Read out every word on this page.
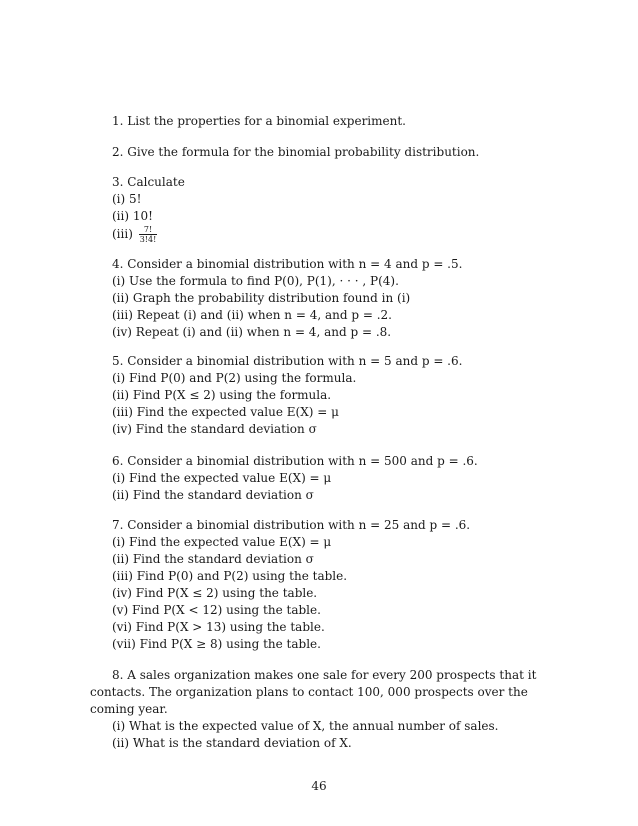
1. List the properties for a binomial experiment.
2. Give the formula for the binomial probability distribution.
3. Calculate
(i) 5!
(ii) 10!
$(iii) \frac{7!}{3!4!}$
4. Consider a binomial distribution with n = 4 and p = .5.
(i) Use the formula to find P(0), P(1), · · · , P(4).
(ii) Graph the probability distribution found in (i)
(iii) Repeat (i) and (ii) when n = 4, and p = .2.
(iv) Repeat (i) and (ii) when n = 4, and p = .8.
5. Consider a binomial distribution with n = 5 and p = .6.
(i) Find P(0) and P(2) using the formula.
(ii) Find P(X ≤ 2) using the formula.
(iii) Find the expected value E(X) = μ
(iv) Find the standard deviation σ
6. Consider a binomial distribution with n = 500 and p = .6.
(i) Find the expected value E(X) = μ
(ii) Find the standard deviation σ
7. Consider a binomial distribution with n = 25 and p = .6.
(i) Find the expected value E(X) = μ
(ii) Find the standard deviation σ
(iii) Find P(0) and P(2) using the table.
(iv) Find P(X ≤ 2) using the table.
(v) Find P(X < 12) using the table.
(vi) Find P(X > 13) using the table.
(vii) Find P(X ≥ 8) using the table.
8. A sales organization makes one sale for every 200 prospects that it contacts. The organization plans to contact 100, 000 prospects over the coming year.
(i) What is the expected value of X, the annual number of sales.
(ii) What is the standard deviation of X.
46
